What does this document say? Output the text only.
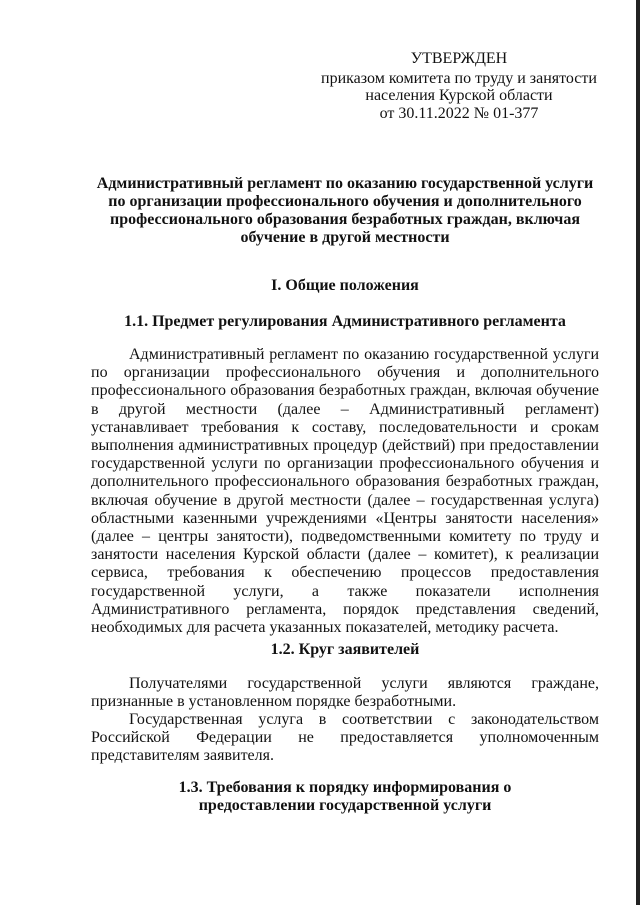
УТВЕРЖДЕН
приказом комитета по труду и занятости
населения Курской области
от 30.11.2022 № 01-377
Административный регламент по оказанию государственной услуги по организации профессионального обучения и дополнительного профессионального образования безработных граждан, включая обучение в другой местности
I. Общие положения
1.1. Предмет регулирования Административного регламента
Административный регламент по оказанию государственной услуги по организации профессионального обучения и дополнительного профессионального образования безработных граждан, включая обучение в другой местности (далее – Административный регламент) устанавливает требования к составу, последовательности и срокам выполнения административных процедур (действий) при предоставлении государственной услуги по организации профессионального обучения и дополнительного профессионального образования безработных граждан, включая обучение в другой местности (далее – государственная услуга) областными казенными учреждениями «Центры занятости населения» (далее – центры занятости), подведомственными комитету по труду и занятости населения Курской области (далее – комитет), к реализации сервиса, требования к обеспечению процессов предоставления государственной услуги, а также показатели исполнения Административного регламента, порядок представления сведений, необходимых для расчета указанных показателей, методику расчета.
1.2. Круг заявителей
Получателями государственной услуги являются граждане, признанные в установленном порядке безработными.
Государственная услуга в соответствии с законодательством Российской Федерации не предоставляется уполномоченным представителям заявителя.
1.3. Требования к порядку информирования о предоставлении государственной услуги
